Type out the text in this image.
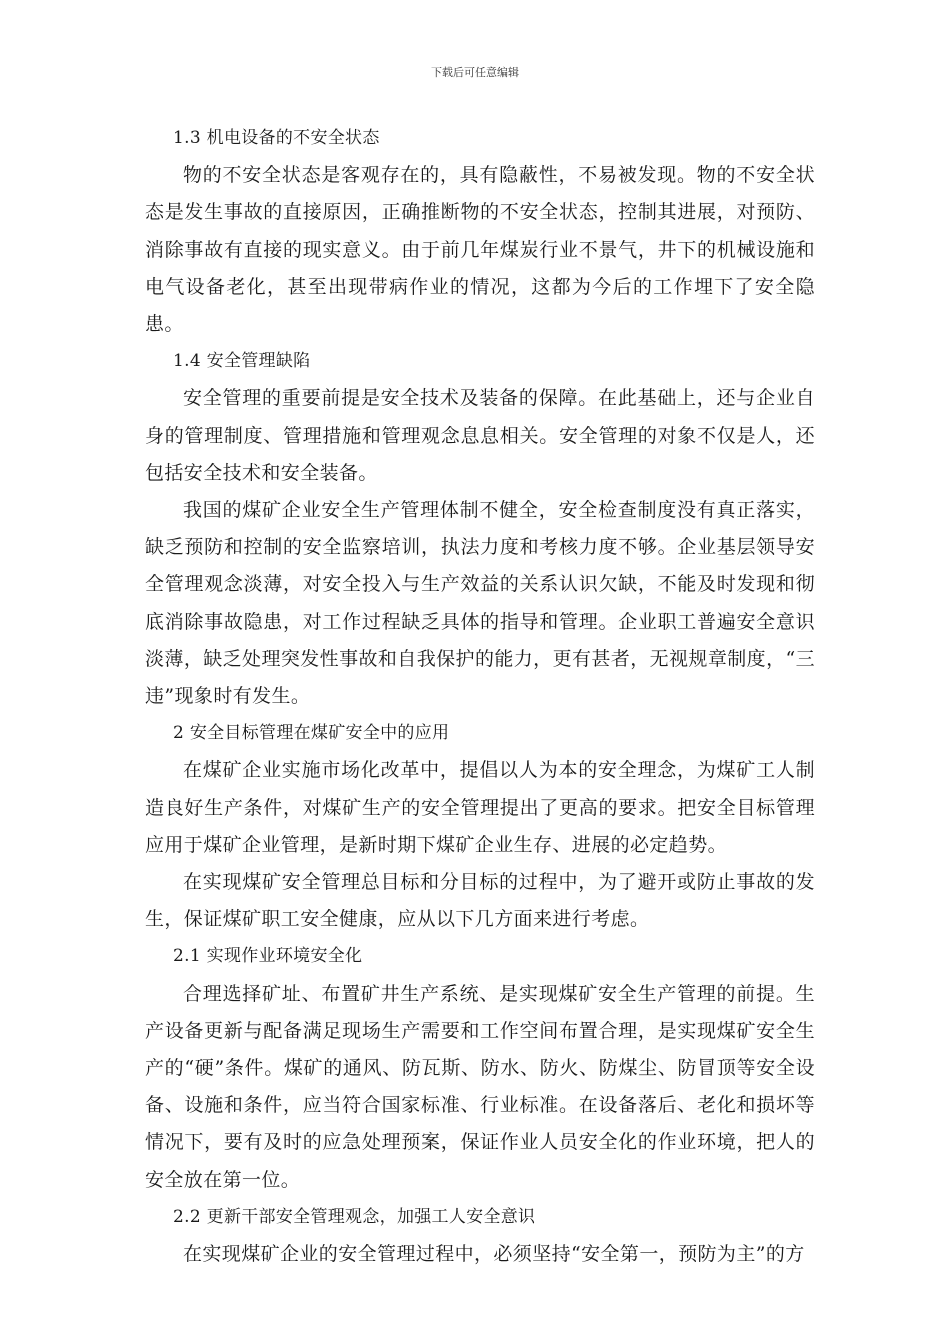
下载后可任意编辑

1.3 机电设备的不安全状态

物的不安全状态是客观存在的，具有隐蔽性，不易被发现。物的不安全状态是发生事故的直接原因，正确推断物的不安全状态，控制其进展，对预防、消除事故有直接的现实意义。由于前几年煤炭行业不景气，井下的机械设施和电气设备老化，甚至出现带病作业的情况，这都为今后的工作埋下了安全隐患。

1.4 安全管理缺陷

安全管理的重要前提是安全技术及装备的保障。在此基础上，还与企业自身的管理制度、管理措施和管理观念息息相关。安全管理的对象不仅是人，还包括安全技术和安全装备。

我国的煤矿企业安全生产管理体制不健全，安全检查制度没有真正落实，缺乏预防和控制的安全监察培训，执法力度和考核力度不够。企业基层领导安全管理观念淡薄，对安全投入与生产效益的关系认识欠缺，不能及时发现和彻底消除事故隐患，对工作过程缺乏具体的指导和管理。企业职工普遍安全意识淡薄，缺乏处理突发性事故和自我保护的能力，更有甚者，无视规章制度，“三违”现象时有发生。

2 安全目标管理在煤矿安全中的应用

在煤矿企业实施市场化改革中，提倡以人为本的安全理念，为煤矿工人制造良好生产条件，对煤矿生产的安全管理提出了更高的要求。把安全目标管理应用于煤矿企业管理，是新时期下煤矿企业生存、进展的必定趋势。

在实现煤矿安全管理总目标和分目标的过程中，为了避开或防止事故的发生，保证煤矿职工安全健康，应从以下几方面来进行考虑。

2.1 实现作业环境安全化

合理选择矿址、布置矿井生产系统、是实现煤矿安全生产管理的前提。生产设备更新与配备满足现场生产需要和工作空间布置合理，是实现煤矿安全生产的“硬”条件。煤矿的通风、防瓦斯、防水、防火、防煤尘、防冒顶等安全设备、设施和条件，应当符合国家标准、行业标准。在设备落后、老化和损坏等情况下，要有及时的应急处理预案，保证作业人员安全化的作业环境，把人的安全放在第一位。

2.2 更新干部安全管理观念，加强工人安全意识

在实现煤矿企业的安全管理过程中，必须坚持“安全第一，预防为主”的方
